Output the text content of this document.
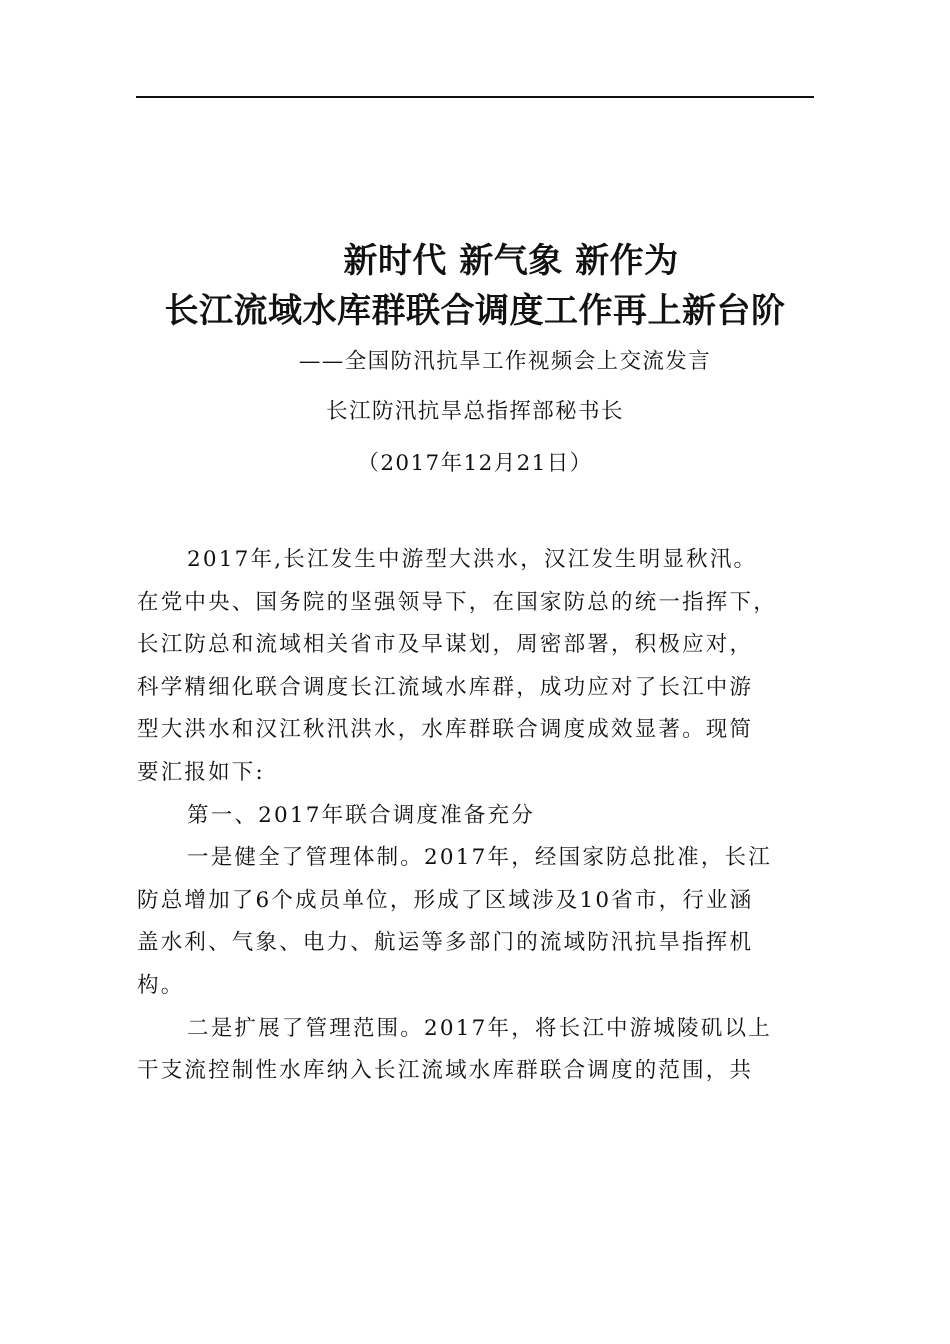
新时代 新气象 新作为
长江流域水库群联合调度工作再上新台阶
——全国防汛抗旱工作视频会上交流发言
长江防汛抗旱总指挥部秘书长
（2017年12月21日）
2017年,长江发生中游型大洪水，汉江发生明显秋汛。
在党中央、国务院的坚强领导下，在国家防总的统一指挥下，
长江防总和流域相关省市及早谋划，周密部署，积极应对，
科学精细化联合调度长江流域水库群，成功应对了长江中游
型大洪水和汉江秋汛洪水，水库群联合调度成效显著。现简
要汇报如下:
第一、2017年联合调度准备充分
一是健全了管理体制。2017年，经国家防总批准，长江
防总增加了6个成员单位，形成了区域涉及10省市，行业涵
盖水利、气象、电力、航运等多部门的流域防汛抗旱指挥机
构。
二是扩展了管理范围。2017年，将长江中游城陵矶以上
干支流控制性水库纳入长江流域水库群联合调度的范围，共
